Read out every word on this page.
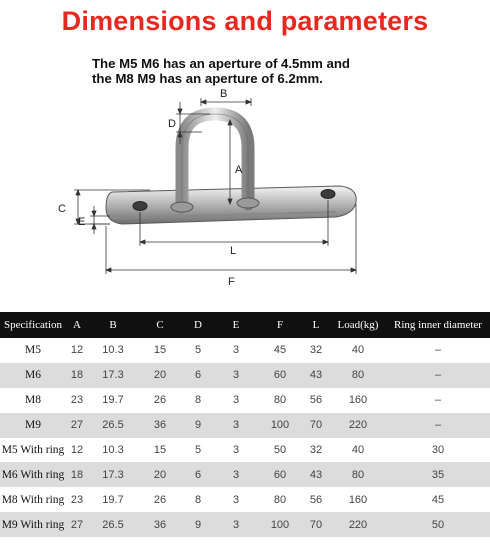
Dimensions and parameters
The M5 M6 has an aperture of 4.5mm and
the M8 M9 has an aperture of 6.2mm.
B
D
A
C
E
L
F
Specification	A	B	C	D	E	F	L	Load(kg)	Ring inner diameter
M5	12	10.3	15	5	3	45	32	40	–
M6	18	17.3	20	6	3	60	43	80	–
M8	23	19.7	26	8	3	80	56	160	–
M9	27	26.5	36	9	3	100	70	220	–
M5 With ring	12	10.3	15	5	3	50	32	40	30
M6 With ring	18	17.3	20	6	3	60	43	80	35
M8 With ring	23	19.7	26	8	3	80	56	160	45
M9 With ring	27	26.5	36	9	3	100	70	220	50
